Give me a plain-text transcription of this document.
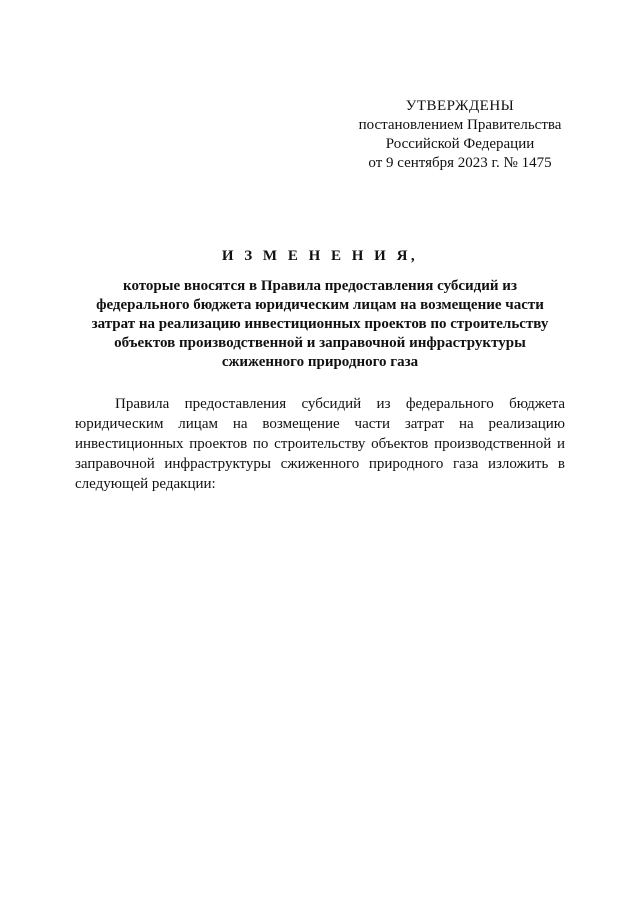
УТВЕРЖДЕНЫ
постановлением Правительства
Российской Федерации
от 9 сентября 2023 г. № 1475
И З М Е Н Е Н И Я,
которые вносятся в Правила предоставления субсидий из федерального бюджета юридическим лицам на возмещение части затрат на реализацию инвестиционных проектов по строительству объектов производственной и заправочной инфраструктуры сжиженного природного газа

Правила предоставления субсидий из федерального бюджета юридическим лицам на возмещение части затрат на реализацию инвестиционных проектов по строительству объектов производственной и заправочной инфраструктуры сжиженного природного газа изложить в следующей редакции:
